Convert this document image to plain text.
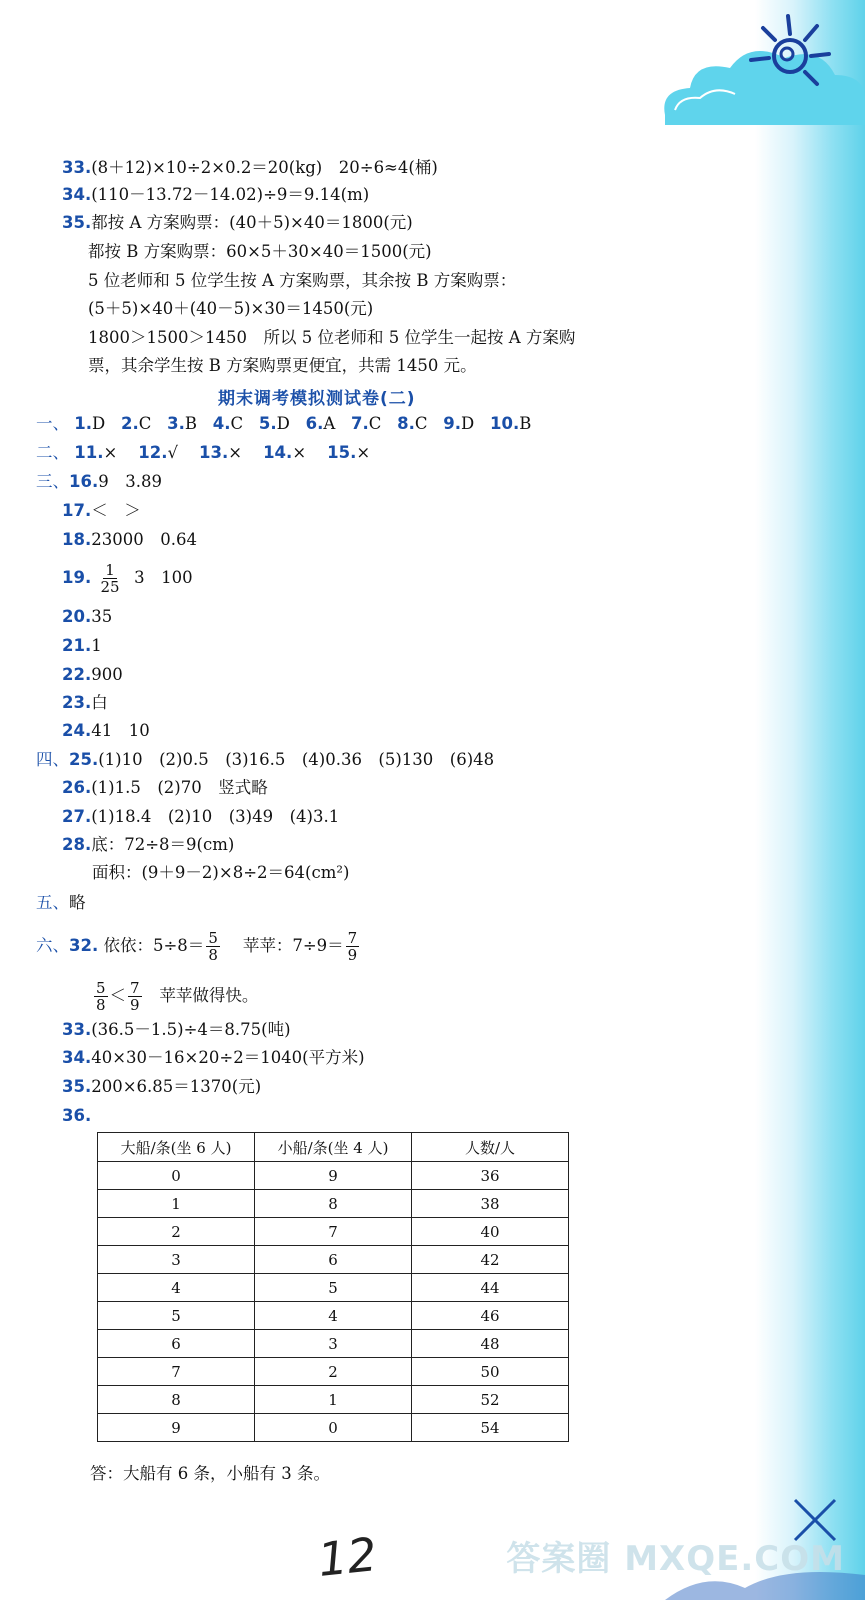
答案圈 MXQE.COM
33.(8＋12)×10÷2×0.2＝20(kg)　20÷6≈4(桶)
34.(110－13.72－14.02)÷9＝9.14(m)
35.都按 A 方案购票：(40＋5)×40＝1800(元)
都按 B 方案购票：60×5＋30×40＝1500(元)
5 位老师和 5 位学生按 A 方案购票，其余按 B 方案购票：
(5＋5)×40＋(40－5)×30＝1450(元)
1800＞1500＞1450　所以 5 位老师和 5 位学生一起按 A 方案购
票，其余学生按 B 方案购票更便宜，共需 1450 元。
期末调考模拟测试卷(二)
一、 1.D 2.C 3.B 4.C 5.D 6.A 7.C 8.C 9.D 10.B
二、 11.× 12.√ 13.× 14.× 15.×
三、16.9　3.89
17.＜　＞
18.23000　0.64
19. $\frac{1}{25} 3$　100
20.35
21.1
22.900
23.白
24.41　10
四、25.(1)10　(2)0.5　(3)16.5　(4)0.36　(5)130　(6)48
26.(1)1.5　(2)70　竖式略
27.(1)18.4　(2)10　(3)49　(4)3.1
28.底：72÷8＝9(cm)
面积：(9＋9－2)×8÷2＝64(cm²)
五、略
六、32. 依依：$5\div 8= \frac{5}{8}$ 苹苹：$7\div 9= \frac{7}{9}$
$\frac{5}{8} < \frac{7}{9}$ 苹苹做得快。
33.(36.5－1.5)÷4＝8.75(吨)
34.40×30－16×20÷2＝1040(平方米)
35.200×6.85＝1370(元)
36.
大船/条(坐 6 人)	小船/条(坐 4 人)	人数/人
0	9	36
1	8	38
2	7	40
3	6	42
4	5	44
5	4	46
6	3	48
7	2	50
8	1	52
9	0	54
答：大船有 6 条，小船有 3 条。
12
